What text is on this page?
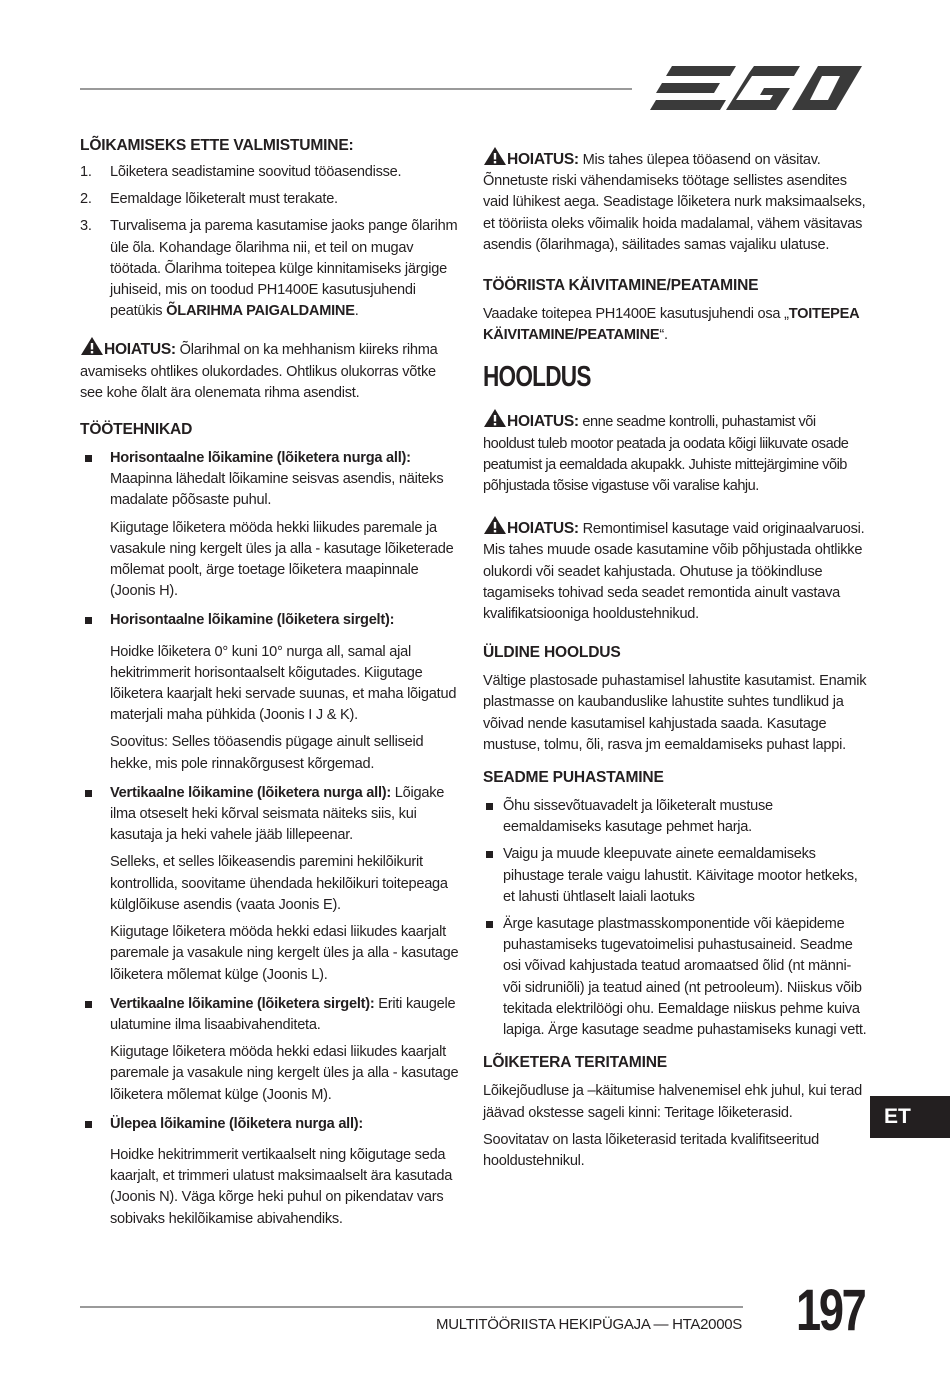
LÕIKAMISEKS ETTE VALMISTUMINE:
1.	Lõiketera seadistamine soovitud tööasendisse.
2.	Eemaldage lõiketeralt must terakate.
3.	Turvalisema ja parema kasutamise jaoks pange õlarihm üle õla. Kohandage õlarihma nii, et teil on mugav töötada. Õlarihma toitepea külge kinnitamiseks järgige juhiseid, mis on toodud PH1400E kasutusjuhendi peatükis ÕLARIHMA PAIGALDAMINE.

HOIATUS: Õlarihmal on ka mehhanism kiireks rihma avamiseks ohtlikes olukordades. Ohtlikus olukorras võtke see kohe õlalt ära olenemata rihma asendist.

TÖÖTEHNIKAD

Horisontaalne lõikamine (lõiketera nurga all): Maapinna lähedalt lõikamine seisvas asendis, näiteks madalate põõsaste puhul.

Kiigutage lõiketera mööda hekki liikudes paremale ja vasakule ning kergelt üles ja alla - kasutage lõiketerade mõlemat poolt, ärge toetage lõiketera maapinnale (Joonis H).

Horisontaalne lõikamine (lõiketera sirgelt):

Hoidke lõiketera 0° kuni 10° nurga all, samal ajal hekitrimmerit horisontaalselt kõigutades. Kiigutage lõiketera kaarjalt heki servade suunas, et maha lõigatud materjali maha pühkida (Joonis I J & K).

Soovitus: Selles tööasendis pügage ainult selliseid hekke, mis pole rinnakõrgusest kõrgemad.

Vertikaalne lõikamine (lõiketera nurga all): Lõigake ilma otseselt heki kõrval seismata näiteks siis, kui kasutaja ja heki vahele jääb lillepeenar.

Selleks, et selles lõikeasendis paremini hekilõikurit kontrollida, soovitame ühendada hekilõikuri toitepeaga külglõikuse asendis (vaata Joonis E).

Kiigutage lõiketera mööda hekki edasi liikudes kaarjalt paremale ja vasakule ning kergelt üles ja alla - kasutage lõiketera mõlemat külge (Joonis L).

Vertikaalne lõikamine (lõiketera sirgelt): Eriti kaugele ulatumine ilma lisaabivahenditeta.

Kiigutage lõiketera mööda hekki edasi liikudes kaarjalt paremale ja vasakule ning kergelt üles ja alla - kasutage lõiketera mõlemat külge (Joonis M).

Ülepea lõikamine (lõiketera nurga all):

Hoidke hekitrimmerit vertikaalselt ning kõigutage seda kaarjalt, et trimmeri ulatust maksimaalselt ära kasutada (Joonis N). Väga kõrge heki puhul on pikendatav vars sobivaks hekilõikamise abivahendiks.

HOIATUS: Mis tahes ülepea tööasend on väsitav. Õnnetuste riski vähendamiseks töötage sellistes asendites vaid lühikest aega. Seadistage lõiketera nurk maksimaalseks, et tööriista oleks võimalik hoida madalamal, vähem väsitavas asendis (õlarihmaga), säilitades samas vajaliku ulatuse.

TÖÖRIISTA KÄIVITAMINE/PEATAMINE

Vaadake toitepea PH1400E kasutusjuhendi osa „TOITEPEA KÄIVITAMINE/PEATAMINE“.

HOOLDUS

HOIATUS: enne seadme kontrolli, puhastamist või hooldust tuleb mootor peatada ja oodata kõigi liikuvate osade peatumist ja eemaldada akupakk. Juhiste mittejärgimine võib põhjustada tõsise vigastuse või varalise kahju.

HOIATUS: Remontimisel kasutage vaid originaalvaruosi. Mis tahes muude osade kasutamine võib põhjustada ohtlikke olukordi või seadet kahjustada. Ohutuse ja töökindluse tagamiseks tohivad seda seadet remontida ainult vastava kvalifikatsiooniga hooldustehnikud.

ÜLDINE HOOLDUS

Vältige plastosade puhastamisel lahustite kasutamist. Enamik plastmasse on kaubanduslike lahustite suhtes tundlikud ja võivad nende kasutamisel kahjustada saada. Kasutage mustuse, tolmu, õli, rasva jm eemaldamiseks puhast lappi.

SEADME PUHASTAMINE

Õhu sissevõtuavadelt ja lõiketeralt mustuse eemaldamiseks kasutage pehmet harja.

Vaigu ja muude kleepuvate ainete eemaldamiseks pihustage terale vaigu lahustit. Käivitage mootor hetkeks, et lahusti ühtlaselt laiali laotuks

Ärge kasutage plastmasskomponentide või käepideme puhastamiseks tugevatoimelisi puhastusaineid. Seadme osi võivad kahjustada teatud aromaatsed õlid (nt männi- või sidruniõli) ja teatud ained (nt petrooleum). Niiskus võib tekitada elektrilöögi ohu. Eemaldage niiskus pehme kuiva lapiga. Ärge kasutage seadme puhastamiseks kunagi vett.

LÕIKETERA TERITAMINE

Lõikejõudluse ja –käitumise halvenemisel ehk juhul, kui terad jäävad okstesse sageli kinni: Teritage lõiketerasid.

Soovitatav on lasta lõiketerasid teritada kvalifitseeritud hooldustehnikul.

ET
MULTITÖÖRIISTA HEKIPÜGAJA — HTA2000S 197
